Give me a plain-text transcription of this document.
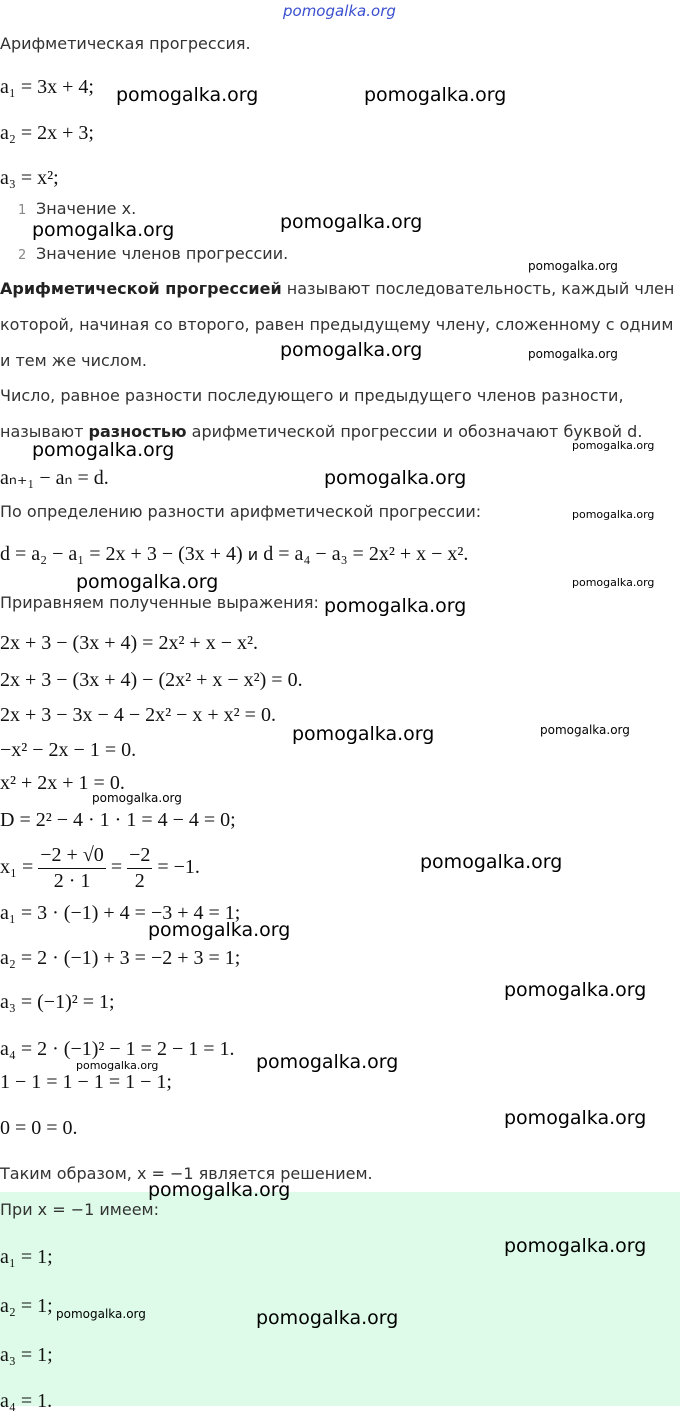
pomogalka.org
Арифметическая прогрессия.
a₁ = 3x + 4;
a₂ = 2x + 3;
a₃ = x²;
1 Значение x.
2 Значение членов прогрессии.
Арифметической прогрессией называют последовательность, каждый член
которой, начиная со второго, равен предыдущему члену, сложенному с одним
и тем же числом.
Число, равное разности последующего и предыдущего членов разности,
называют разностью арифметической прогрессии и обозначают буквой d.
aₙ₊₁ − aₙ = d.
По определению разности арифметической прогрессии:
d = a₂ − a₁ = 2x + 3 − (3x + 4) и d = a₄ − a₃ = 2x² + x − x².
Приравняем полученные выражения:
2x + 3 − (3x + 4) = 2x² + x − x².
2x + 3 − (3x + 4) − (2x² + x − x²) = 0.
2x + 3 − 3x − 4 − 2x² − x + x² = 0.
−x² − 2x − 1 = 0.
x² + 2x + 1 = 0.
D = 2² − 4 · 1 · 1 = 4 − 4 = 0;
$x_1 = \frac{-2 + √0}{2 \cdot 1} = \frac{-2}{2} = -1$.
a₁ = 3 · (−1) + 4 = −3 + 4 = 1;
a₂ = 2 · (−1) + 3 = −2 + 3 = 1;
a₃ = (−1)² = 1;
a₄ = 2 · (−1)² − 1 = 2 − 1 = 1.
1 − 1 = 1 − 1 = 1 − 1;
0 = 0 = 0.
Таким образом, x = −1 является решением.
При x = −1 имеем:
a₁ = 1;
a₂ = 1;
a₃ = 1;
a₄ = 1.
pomogalka.org	pomogalka.org
pomogalka.org
pomogalka.org
pomogalka.org
pomogalka.org	pomogalka.org
pomogalka.org	pomogalka.org
pomogalka.org
pomogalka.org
pomogalka.org	pomogalka.org
pomogalka.org
pomogalka.org	pomogalka.org
pomogalka.org
pomogalka.org
pomogalka.org
pomogalka.org
pomogalka.org
pomogalka.org
pomogalka.org
pomogalka.org
pomogalka.org
pomogalka.org	pomogalka.org
